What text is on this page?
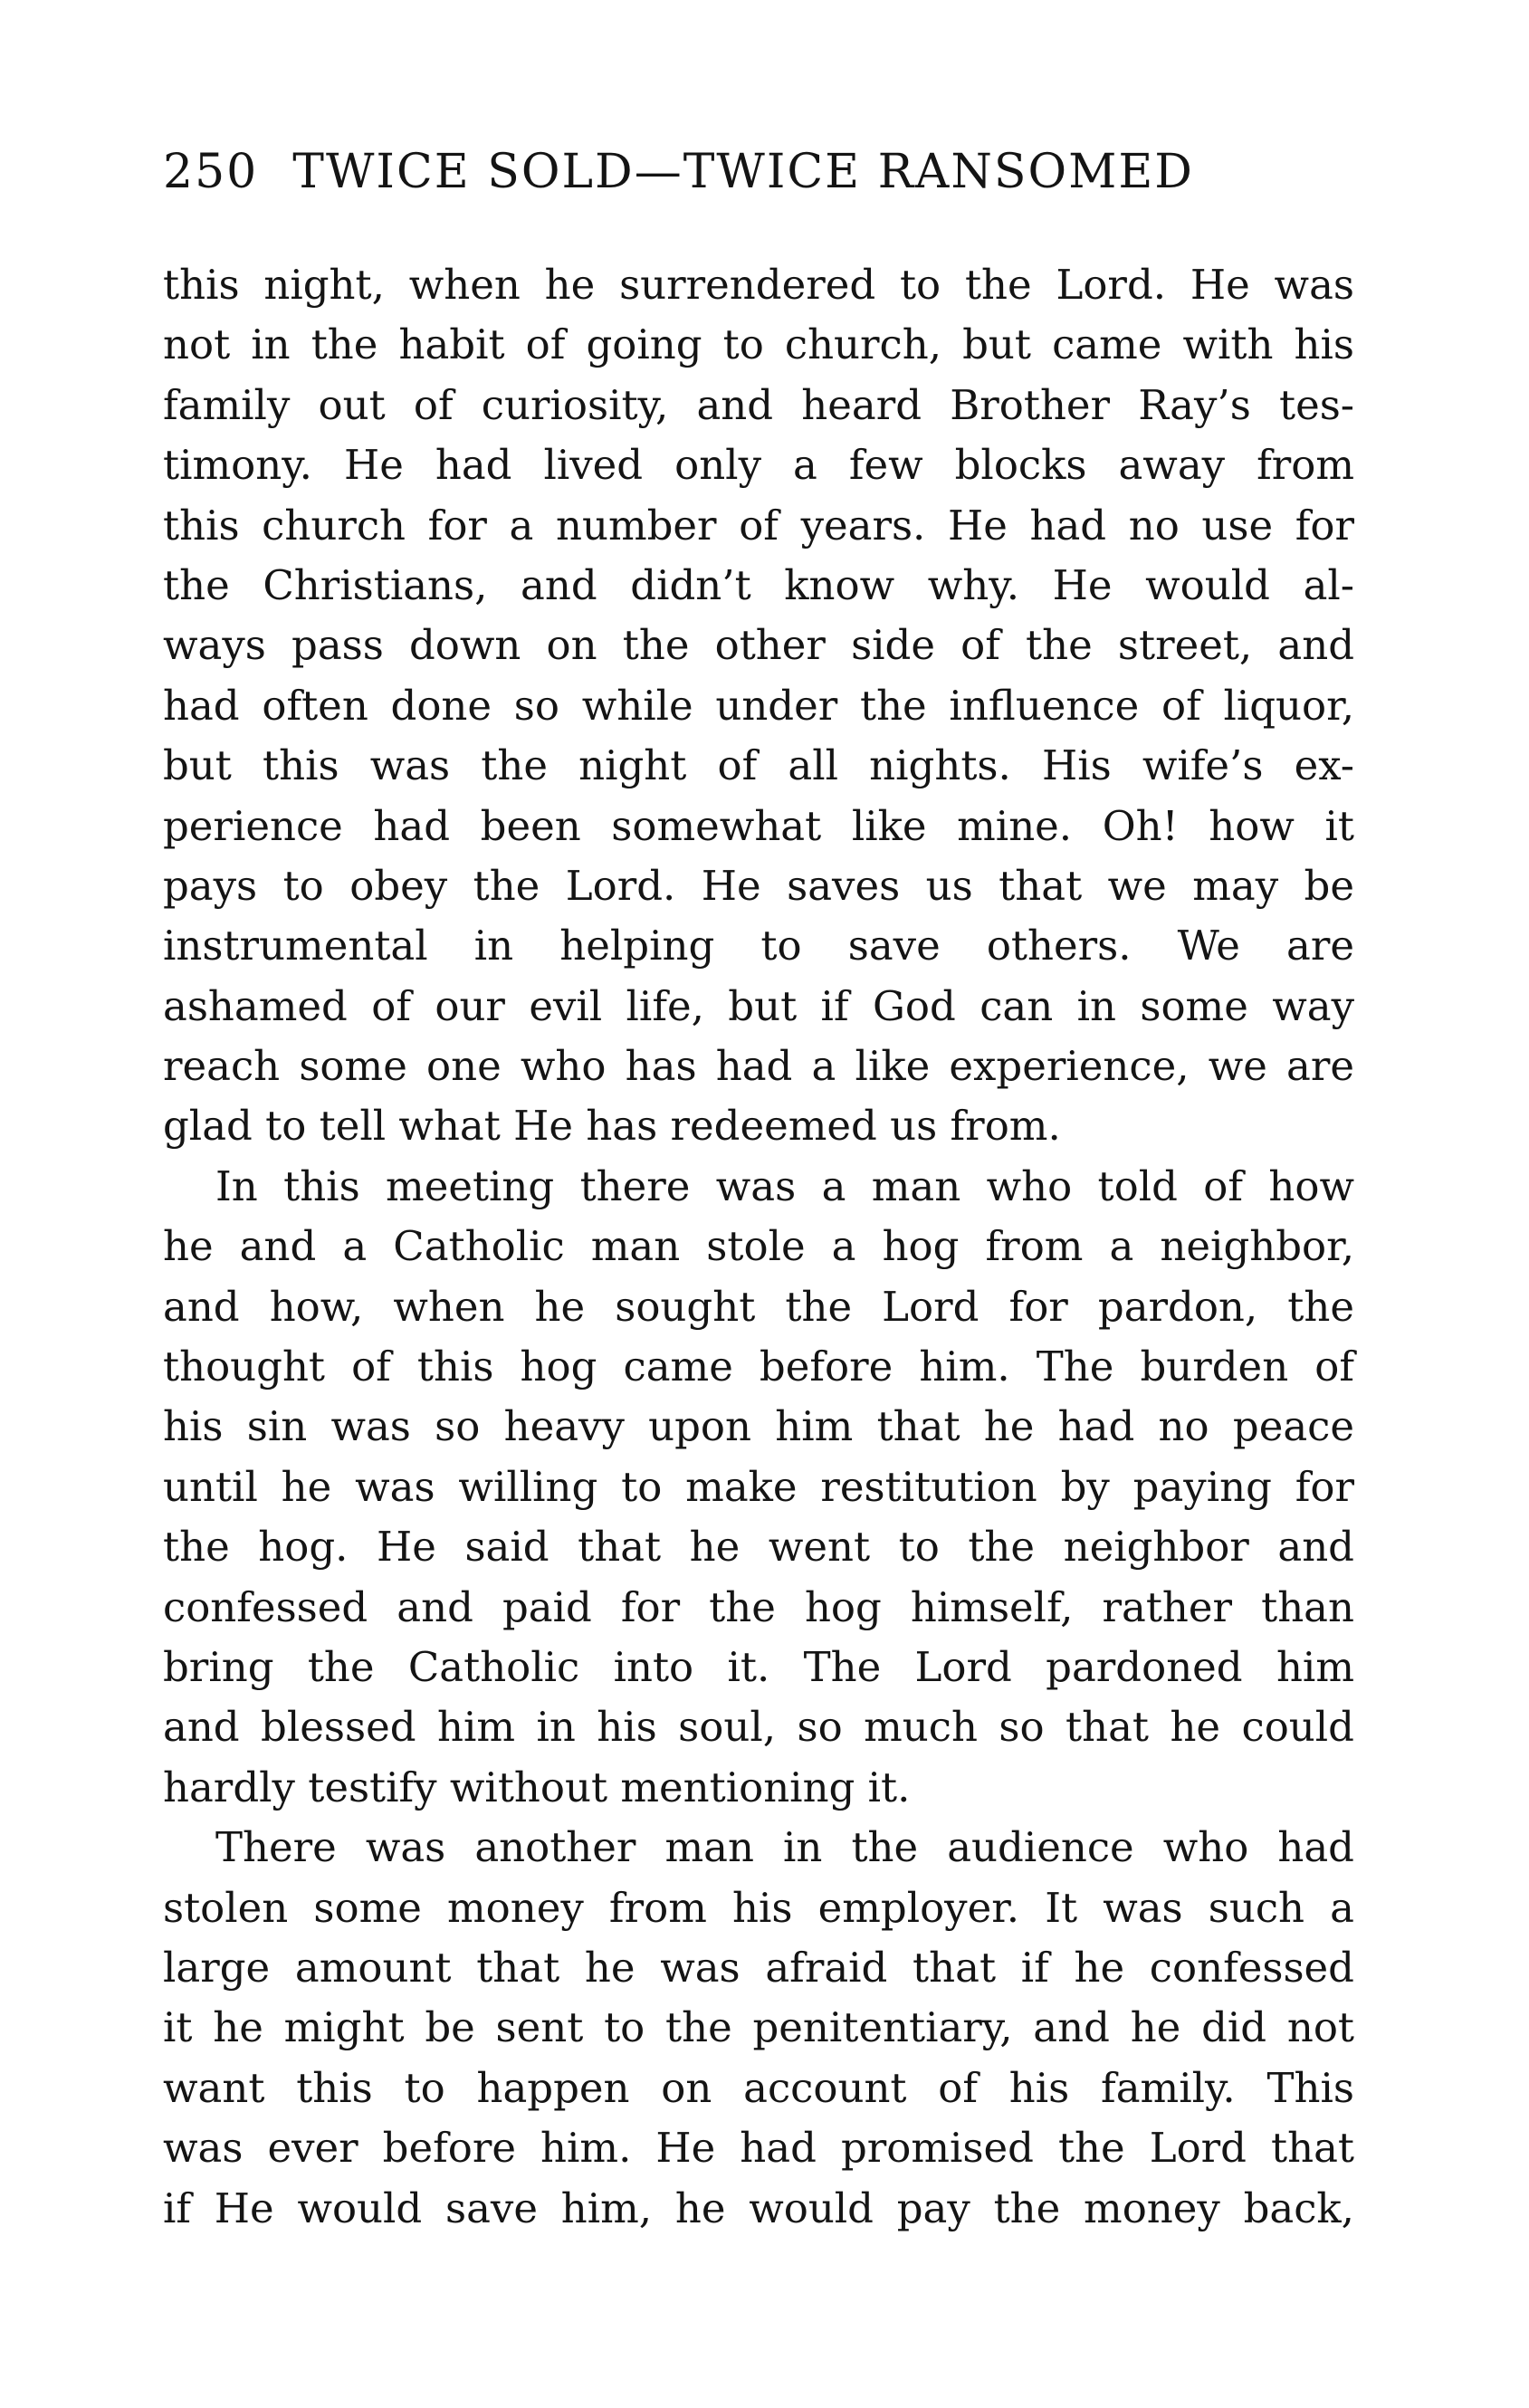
250 TWICE SOLD—TWICE RANSOMED
this night, when he surrendered to the Lord. He was
not in the habit of going to church, but came with his
family out of curiosity, and heard Brother Ray’s tes-
timony. He had lived only a few blocks away from
this church for a number of years. He had no use for
the Christians, and didn’t know why. He would al-
ways pass down on the other side of the street, and
had often done so while under the influence of liquor,
but this was the night of all nights. His wife’s ex-
perience had been somewhat like mine. Oh! how it
pays to obey the Lord. He saves us that we may be
instrumental in helping to save others. We are
ashamed of our evil life, but if God can in some way
reach some one who has had a like experience, we are
glad to tell what He has redeemed us from.
In this meeting there was a man who told of how
he and a Catholic man stole a hog from a neighbor,
and how, when he sought the Lord for pardon, the
thought of this hog came before him. The burden of
his sin was so heavy upon him that he had no peace
until he was willing to make restitution by paying for
the hog. He said that he went to the neighbor and
confessed and paid for the hog himself, rather than
bring the Catholic into it. The Lord pardoned him
and blessed him in his soul, so much so that he could
hardly testify without mentioning it.
There was another man in the audience who had
stolen some money from his employer. It was such a
large amount that he was afraid that if he confessed
it he might be sent to the penitentiary, and he did not
want this to happen on account of his family. This
was ever before him. He had promised the Lord that
if He would save him, he would pay the money back,
